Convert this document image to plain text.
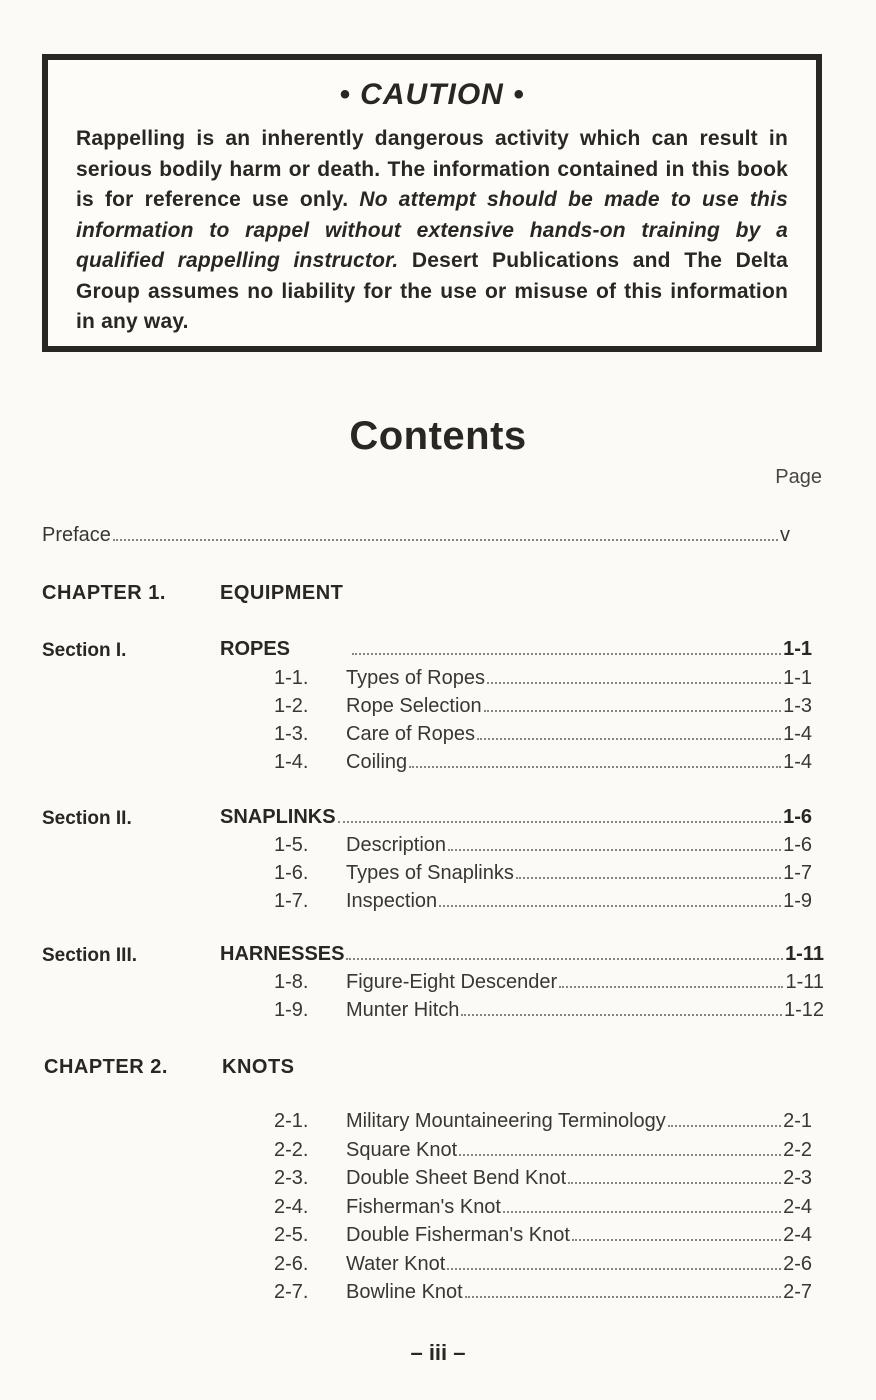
• CAUTION •
Rappelling is an inherently dangerous activity which can result in serious bodily harm or death. The information contained in this book is for reference use only. No attempt should be made to use this information to rappel without extensive hands-on training by a qualified rappelling instructor. Desert Publications and The Delta Group assumes no liability for the use or misuse of this information in any way.
Contents
Page
Preface	v
CHAPTER 1.	EQUIPMENT
Section I.	ROPES	1-1
1-1.	Types of Ropes	1-1
1-2.	Rope Selection	1-3
1-3.	Care of Ropes	1-4
1-4.	Coiling	1-4
Section II.	SNAPLINKS	1-6
1-5.	Description	1-6
1-6.	Types of Snaplinks	1-7
1-7.	Inspection	1-9
Section III.	HARNESSES	1-11
1-8.	Figure-Eight Descender	1-11
1-9.	Munter Hitch	1-12
CHAPTER 2.	KNOTS
2-1.	Military Mountaineering Terminology	2-1
2-2.	Square Knot	2-2
2-3.	Double Sheet Bend Knot	2-3
2-4.	Fisherman's Knot	2-4
2-5.	Double Fisherman's Knot	2-4
2-6.	Water Knot	2-6
2-7.	Bowline Knot	2-7
– iii –
